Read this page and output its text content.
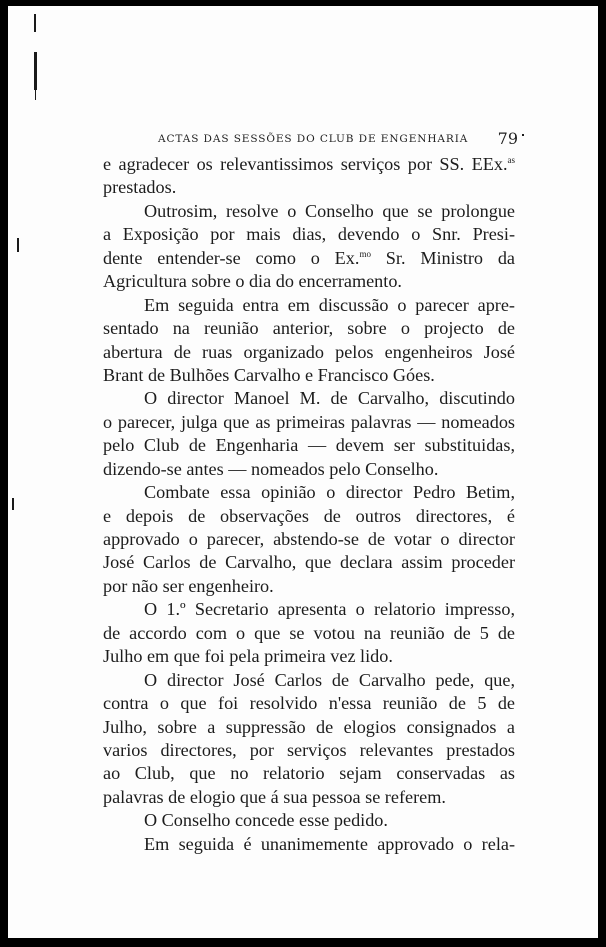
ACTAS DAS SESSÕES DO CLUB DE ENGENHARIA 79
e agradecer os relevantissimos serviços por SS. EEx.$^{as}$
prestados.
Outrosim, resolve o Conselho que se prolongue
a Exposição por mais dias, devendo o Snr. Presi-
dente entender-se como o Ex.$^{mo}$ Sr. Ministro da
Agricultura sobre o dia do encerramento.
Em seguida entra em discussão o parecer apre-
sentado na reunião anterior, sobre o projecto de
abertura de ruas organizado pelos engenheiros José
Brant de Bulhões Carvalho e Francisco Góes.
O director Manoel M. de Carvalho, discutindo
o parecer, julga que as primeiras palavras — nomeados
pelo Club de Engenharia — devem ser substituidas,
dizendo-se antes — nomeados pelo Conselho.
Combate essa opinião o director Pedro Betim,
e depois de observações de outros directores, é
approvado o parecer, abstendo-se de votar o director
José Carlos de Carvalho, que declara assim proceder
por não ser engenheiro.
O 1.º Secretario apresenta o relatorio impresso,
de accordo com o que se votou na reunião de 5 de
Julho em que foi pela primeira vez lido.
O director José Carlos de Carvalho pede, que,
contra o que foi resolvido n'essa reunião de 5 de
Julho, sobre a suppressão de elogios consignados a
varios directores, por serviços relevantes prestados
ao Club, que no relatorio sejam conservadas as
palavras de elogio que á sua pessoa se referem.
O Conselho concede esse pedido.
Em seguida é unanimemente approvado o rela-
